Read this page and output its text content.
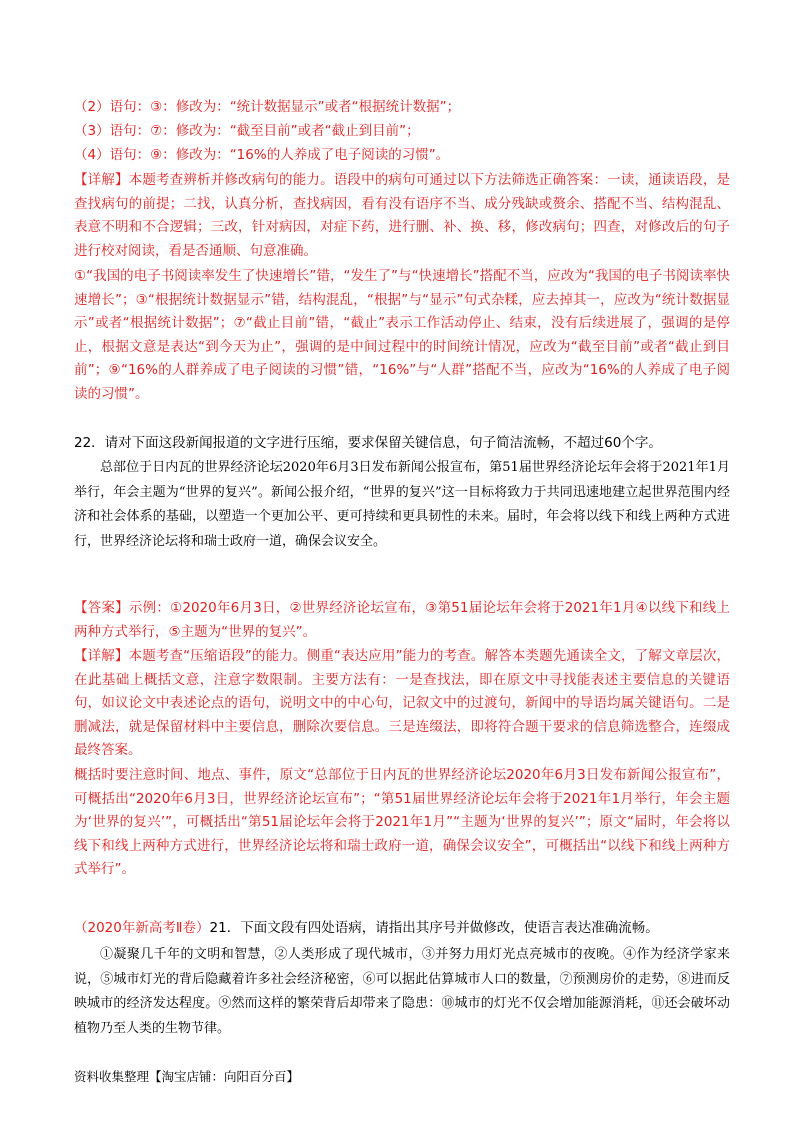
（2）语句：③：修改为：“统计数据显示”或者“根据统计数据”；
（3）语句：⑦：修改为：“截至目前”或者“截止到目前”；
（4）语句：⑨：修改为：“16%的人养成了电子阅读的习惯”。

【详解】本题考查辨析并修改病句的能力。语段中的病句可通过以下方法筛选正确答案：一读，通读语段，是查找病句的前提；二找，认真分析，查找病因，看有没有语序不当、成分残缺或赘余、搭配不当、结构混乱、表意不明和不合逻辑；三改，针对病因，对症下药，进行删、补、换、移，修改病句；四查，对修改后的句子进行校对阅读，看是否通顺、句意准确。

①“我国的电子书阅读率发生了快速增长”错，“发生了”与“快速增长”搭配不当，应改为“我国的电子书阅读率快速增长”；③“根据统计数据显示”错，结构混乱，“根据”与“显示”句式杂糅，应去掉其一，应改为“统计数据显示”或者“根据统计数据”；⑦“截止目前”错，“截止”表示工作活动停止、结束，没有后续进展了，强调的是停止，根据文意是表达“到今天为止”，强调的是中间过程中的时间统计情况，应改为“截至目前”或者“截止到目前”；⑨“16%的人群养成了电子阅读的习惯”错，“16%”与“人群”搭配不当，应改为“16%的人养成了电子阅读的习惯”。

22．请对下面这段新闻报道的文字进行压缩，要求保留关键信息，句子简洁流畅，不超过60个字。

总部位于日内瓦的世界经济论坛2020年6月3日发布新闻公报宣布，第51届世界经济论坛年会将于2021年1月举行，年会主题为“世界的复兴”。新闻公报介绍，“世界的复兴”这一目标将致力于共同迅速地建立起世界范围内经济和社会体系的基础，以塑造一个更加公平、更可持续和更具韧性的未来。届时，年会将以线下和线上两种方式进行，世界经济论坛将和瑞士政府一道，确保会议安全。

【答案】示例：①2020年6月3日，②世界经济论坛宣布，③第51届论坛年会将于2021年1月④以线下和线上两种方式举行，⑤主题为“世界的复兴”。

【详解】本题考查“压缩语段”的能力。侧重“表达应用”能力的考查。解答本类题先通读全文，了解文章层次，在此基础上概括文意，注意字数限制。主要方法有：一是查找法，即在原文中寻找能表述主要信息的关键语句，如议论文中表述论点的语句，说明文中的中心句，记叙文中的过渡句，新闻中的导语均属关键语句。二是删减法，就是保留材料中主要信息，删除次要信息。三是连缀法，即将符合题干要求的信息筛选整合，连缀成最终答案。

概括时要注意时间、地点、事件，原文“总部位于日内瓦的世界经济论坛2020年6月3日发布新闻公报宣布”，可概括出“2020年6月3日，世界经济论坛宣布”；“第51届世界经济论坛年会将于2021年1月举行，年会主题为‘世界的复兴’”，可概括出“第51届论坛年会将于2021年1月”“主题为‘世界的复兴’”；原文“届时，年会将以线下和线上两种方式进行，世界经济论坛将和瑞士政府一道，确保会议安全”，可概括出“以线下和线上两种方式举行”。

（2020年新高考Ⅱ卷）21．下面文段有四处语病，请指出其序号并做修改，使语言表达准确流畅。

①凝聚几千年的文明和智慧，②人类形成了现代城市，③并努力用灯光点亮城市的夜晚。④作为经济学家来说，⑤城市灯光的背后隐藏着许多社会经济秘密，⑥可以据此估算城市人口的数量，⑦预测房价的走势，⑧进而反映城市的经济发达程度。⑨然而这样的繁荣背后却带来了隐患：⑩城市的灯光不仅会增加能源消耗，⑪还会破坏动植物乃至人类的生物节律。

资料收集整理【淘宝店铺：向阳百分百】
